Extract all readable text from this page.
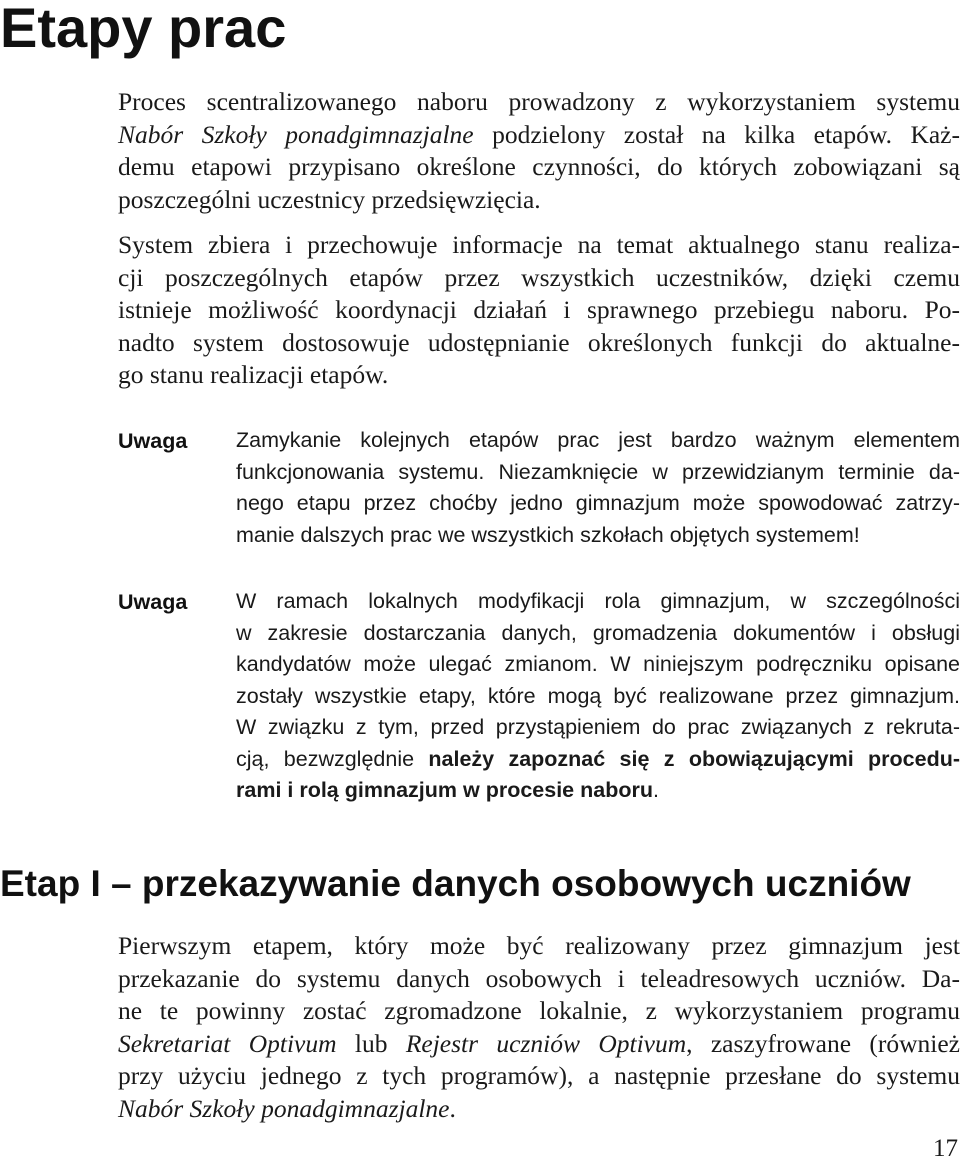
Etapy prac
Proces scentralizowanego naboru prowadzony z wykorzystaniem systemu
Nabór Szkoły ponadgimnazjalne podzielony został na kilka etapów. Każ-
demu etapowi przypisano określone czynności, do których zobowiązani są
poszczególni uczestnicy przedsięwzięcia.
System zbiera i przechowuje informacje na temat aktualnego stanu realiza-
cji poszczególnych etapów przez wszystkich uczestników, dzięki czemu
istnieje możliwość koordynacji działań i sprawnego przebiegu naboru. Po-
nadto system dostosowuje udostępnianie określonych funkcji do aktualne-
go stanu realizacji etapów.
Uwaga Zamykanie kolejnych etapów prac jest bardzo ważnym elementem
funkcjonowania systemu. Niezamknięcie w przewidzianym terminie da-
nego etapu przez choćby jedno gimnazjum może spowodować zatrzy-
manie dalszych prac we wszystkich szkołach objętych systemem!
Uwaga W ramach lokalnych modyfikacji rola gimnazjum, w szczególności
w zakresie dostarczania danych, gromadzenia dokumentów i obsługi
kandydatów może ulegać zmianom. W niniejszym podręczniku opisane
zostały wszystkie etapy, które mogą być realizowane przez gimnazjum.
W związku z tym, przed przystąpieniem do prac związanych z rekruta-
cją, bezwzględnie należy zapoznać się z obowiązującymi procedu-
rami i rolą gimnazjum w procesie naboru.
Etap I – przekazywanie danych osobowych uczniów
Pierwszym etapem, który może być realizowany przez gimnazjum jest
przekazanie do systemu danych osobowych i teleadresowych uczniów. Da-
ne te powinny zostać zgromadzone lokalnie, z wykorzystaniem programu
Sekretariat Optivum lub Rejestr uczniów Optivum, zaszyfrowane (również
przy użyciu jednego z tych programów), a następnie przesłane do systemu
Nabór Szkoły ponadgimnazjalne.
17
